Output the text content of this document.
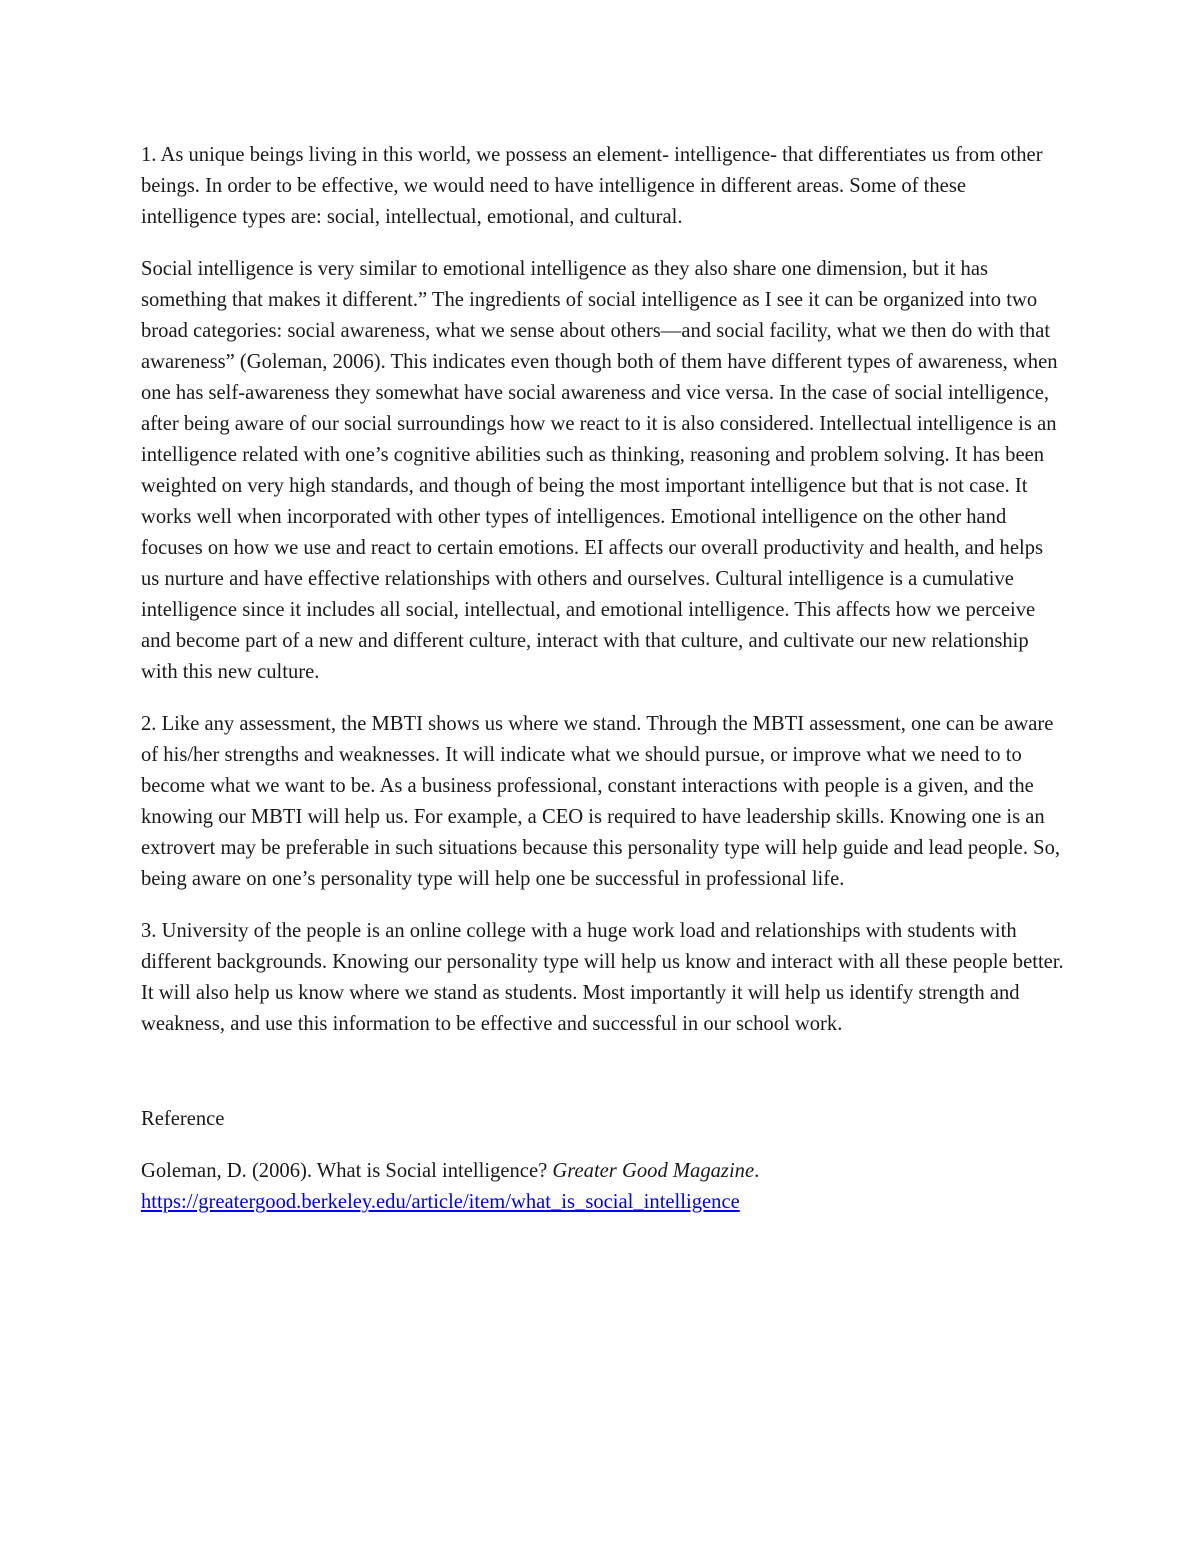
1. As unique beings living in this world, we possess an element- intelligence- that differentiates us from other beings. In order to be effective, we would need to have intelligence in different areas. Some of these intelligence types are: social, intellectual, emotional, and cultural.

Social intelligence is very similar to emotional intelligence as they also share one dimension, but it has something that makes it different.” The ingredients of social intelligence as I see it can be organized into two broad categories: social awareness, what we sense about others—and social facility, what we then do with that awareness” (Goleman, 2006). This indicates even though both of them have different types of awareness, when one has self-awareness they somewhat have social awareness and vice versa. In the case of social intelligence, after being aware of our social surroundings how we react to it is also considered. Intellectual intelligence is an intelligence related with one’s cognitive abilities such as thinking, reasoning and problem solving. It has been weighted on very high standards, and though of being the most important intelligence but that is not case. It works well when incorporated with other types of intelligences. Emotional intelligence on the other hand focuses on how we use and react to certain emotions. EI affects our overall productivity and health, and helps us nurture and have effective relationships with others and ourselves. Cultural intelligence is a cumulative intelligence since it includes all social, intellectual, and emotional intelligence. This affects how we perceive and become part of a new and different culture, interact with that culture, and cultivate our new relationship with this new culture.

2. Like any assessment, the MBTI shows us where we stand. Through the MBTI assessment, one can be aware of his/her strengths and weaknesses. It will indicate what we should pursue, or improve what we need to to become what we want to be. As a business professional, constant interactions with people is a given, and the knowing our MBTI will help us. For example, a CEO is required to have leadership skills. Knowing one is an extrovert may be preferable in such situations because this personality type will help guide and lead people. So, being aware on one’s personality type will help one be successful in professional life.

3. University of the people is an online college with a huge work load and relationships with students with different backgrounds. Knowing our personality type will help us know and interact with all these people better. It will also help us know where we stand as students. Most importantly it will help us identify strength and weakness, and use this information to be effective and successful in our school work.

Reference

Goleman, D. (2006). What is Social intelligence? Greater Good Magazine.

https://greatergood.berkeley.edu/article/item/what_is_social_intelligence
